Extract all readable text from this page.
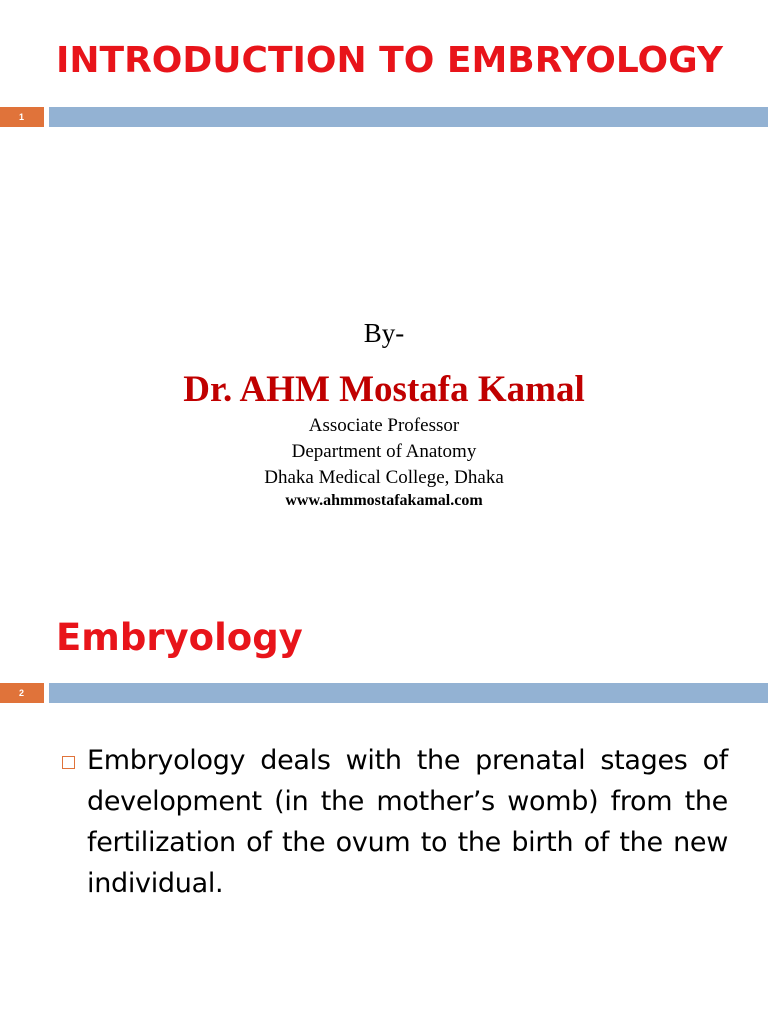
INTRODUCTION TO EMBRYOLOGY
1
By-
Dr. AHM Mostafa Kamal
Associate Professor
Department of Anatomy
Dhaka Medical College, Dhaka
www.ahmmostafakamal.com
Embryology
2

Embryology deals with the prenatal stages of development (in the mother’s womb) from the fertilization of the ovum to the birth of the new individual.
